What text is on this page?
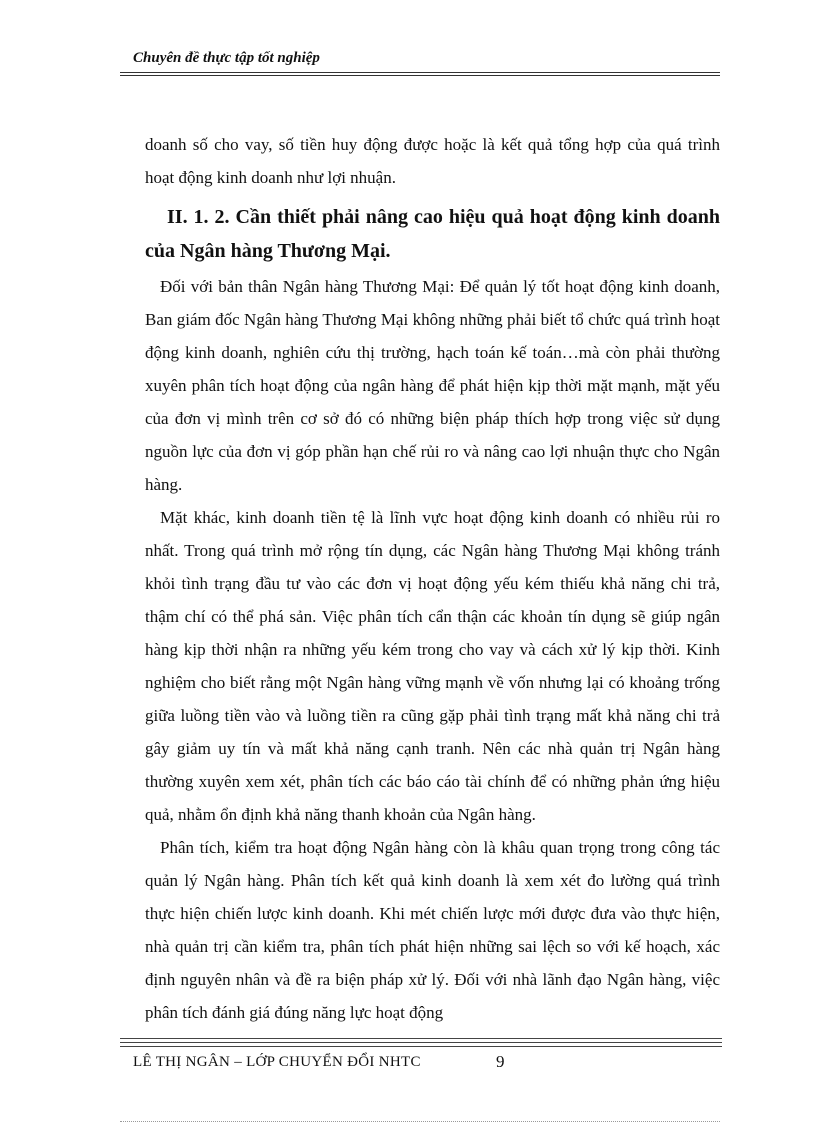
Chuyên đề thực tập tốt nghiệp

doanh số cho vay, số tiền huy động được hoặc là kết quả tổng hợp của quá trình hoạt động kinh doanh như lợi nhuận.

II. 1. 2. Cần thiết phải nâng cao hiệu quả hoạt động kinh doanh của Ngân hàng Thương Mại.

Đối với bản thân Ngân hàng Thương Mại: Để quản lý tốt hoạt động kinh doanh, Ban giám đốc Ngân hàng Thương Mại không những phải biết tổ chức quá trình hoạt động kinh doanh, nghiên cứu thị trường, hạch toán kế toán…mà còn phải thường xuyên phân tích hoạt động của ngân hàng để phát hiện kịp thời mặt mạnh, mặt yếu của đơn vị mình trên cơ sở đó có những biện pháp thích hợp trong việc sử dụng nguồn lực của đơn vị góp phần hạn chế rủi ro và nâng cao lợi nhuận thực cho Ngân hàng.

Mặt khác, kinh doanh tiền tệ là lĩnh vực hoạt động kinh doanh có nhiều rủi ro nhất. Trong quá trình mở rộng tín dụng, các Ngân hàng Thương Mại không tránh khỏi tình trạng đầu tư vào các đơn vị hoạt động yếu kém thiếu khả năng chi trả, thậm chí có thể phá sản. Việc phân tích cẩn thận các khoản tín dụng sẽ giúp ngân hàng kịp thời nhận ra những yếu kém trong cho vay và cách xử lý kịp thời. Kinh nghiệm cho biết rằng một Ngân hàng vững mạnh về vốn nhưng lại có khoảng trống giữa luồng tiền vào và luồng tiền ra cũng gặp phải tình trạng mất khả năng chi trả gây giảm uy tín và mất khả năng cạnh tranh. Nên các nhà quản trị Ngân hàng thường xuyên xem xét, phân tích các báo cáo tài chính để có những phản ứng hiệu quả, nhằm ổn định khả năng thanh khoản của Ngân hàng.

Phân tích, kiểm tra hoạt động Ngân hàng còn là khâu quan trọng trong công tác quản lý Ngân hàng. Phân tích kết quả kinh doanh là xem xét đo lường quá trình thực hiện chiến lược kinh doanh. Khi mét chiến lược mới được đưa vào thực hiện, nhà quản trị cần kiểm tra, phân tích phát hiện những sai lệch so với kế hoạch, xác định nguyên nhân và đề ra biện pháp xử lý. Đối với nhà lãnh đạo Ngân hàng, việc phân tích đánh giá đúng năng lực hoạt động

LÊ THỊ NGÂN – LỚP CHUYỂN ĐỔI NHTC	9
